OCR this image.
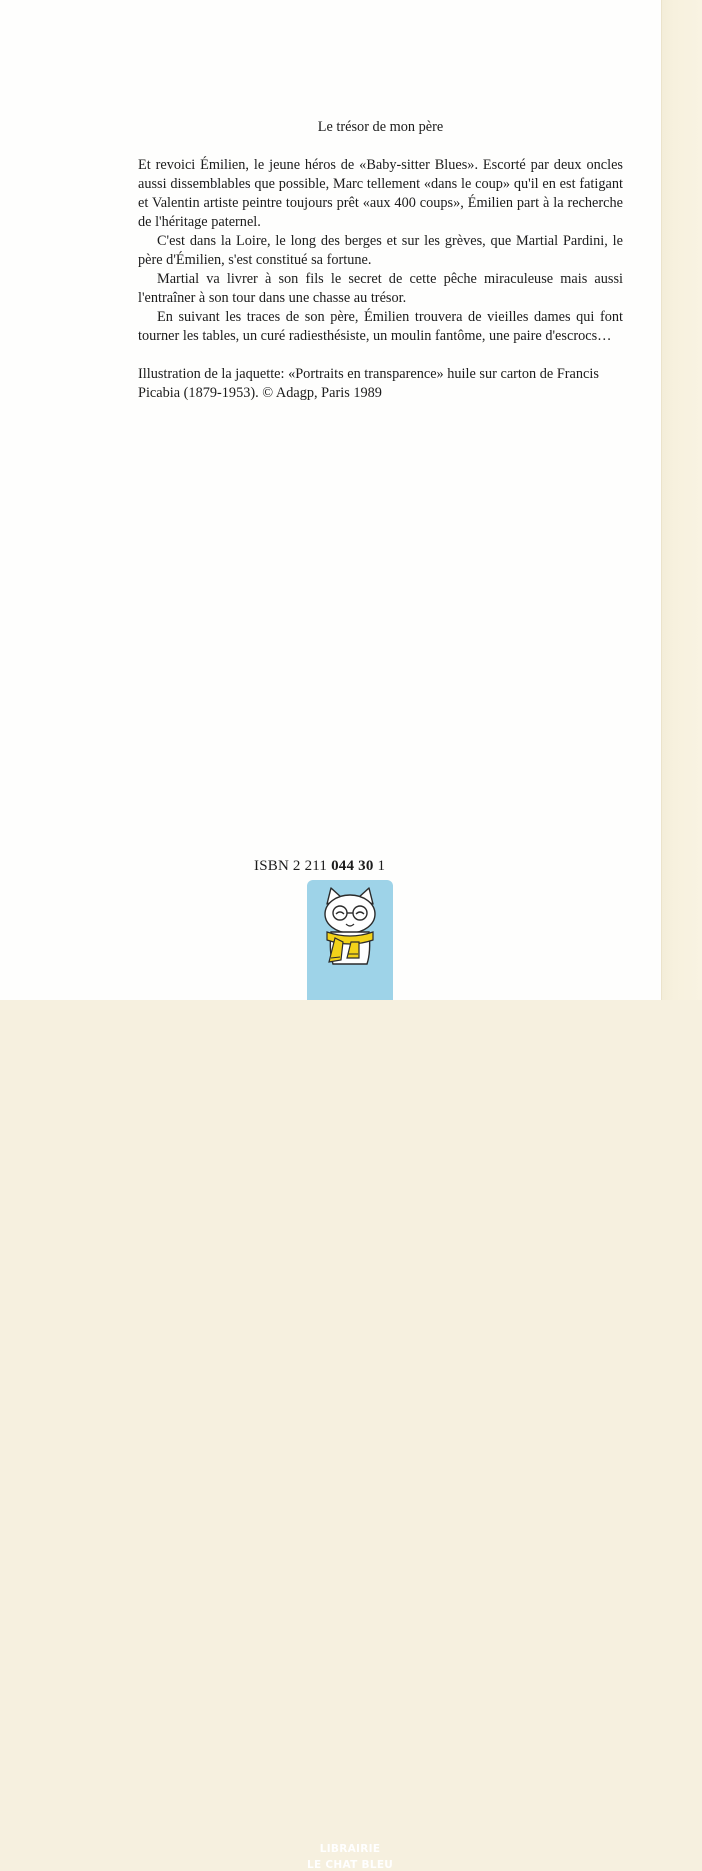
Le trésor de mon père

Et revoici Émilien, le jeune héros de «Baby-sitter Blues». Escorté par deux oncles aussi dissemblables que possible, Marc tellement «dans le coup» qu'il en est fatigant et Valentin artiste peintre toujours prêt «aux 400 coups», Émilien part à la recherche de l'héritage paternel.

C'est dans la Loire, le long des berges et sur les grèves, que Martial Pardini, le père d'Émilien, s'est constitué sa fortune.

Martial va livrer à son fils le secret de cette pêche miraculeuse mais aussi l'entraîner à son tour dans une chasse au trésor.

En suivant les traces de son père, Émilien trouvera de vieilles dames qui font tourner les tables, un curé radiesthésiste, un moulin fantôme, une paire d'escrocs…

Illustration de la jaquette: «Portraits en transparence» huile sur carton de Francis Picabia (1879-1953). © Adagp, Paris 1989

ISBN 2 211 044 30 1
LIBRAIRIE
LE CHAT BLEU
